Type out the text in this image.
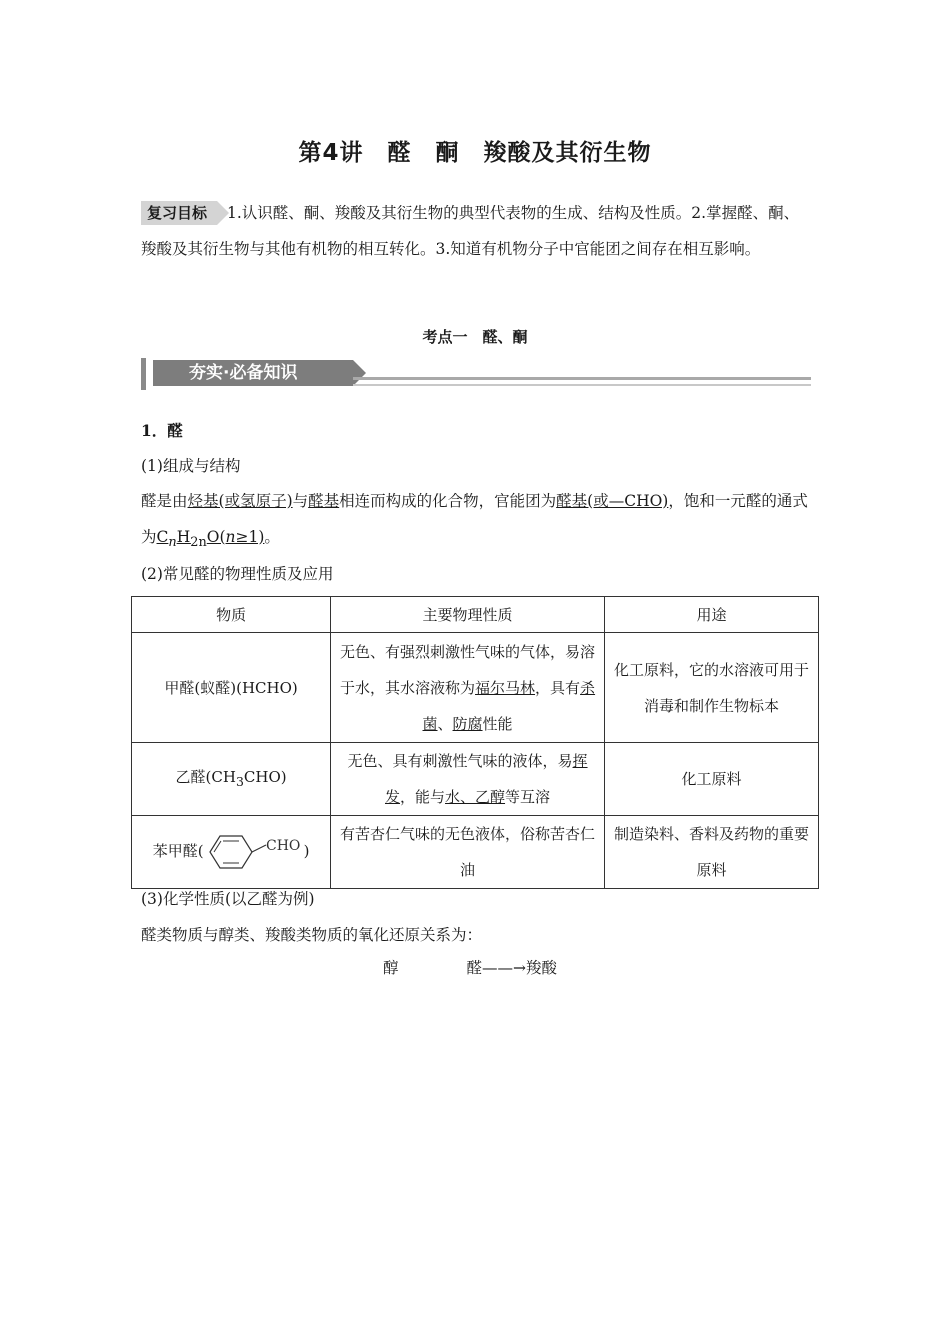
第4讲　醛　酮　羧酸及其衍生物
复习目标 1.认识醛、酮、羧酸及其衍生物的典型代表物的生成、结构及性质。2.掌握醛、酮、羧酸及其衍生物与其他有机物的相互转化。3.知道有机物分子中官能团之间存在相互影响。
考点一　醛、酮
夯实·必备知识
1．醛
(1)组成与结构
醛是由烃基(或氢原子)与醛基相连而构成的化合物，官能团为醛基(或—CHO)，饱和一元醛的通式为$C_nH_{2n}O(n\ge 1)$。
(2)常见醛的物理性质及应用
物质	主要物理性质	用途
甲醛(蚁醛)(HCHO)	无色、有强烈刺激性气味的气体，易溶于水，其水溶液称为福尔马林，具有杀菌、防腐性能	化工原料，它的水溶液可用于消毒和制作生物标本
乙醛$(CH_3CHO)$	无色、具有刺激性气味的液体，易挥发，能与水、乙醇等互溶	化工原料
苯甲醛( CHO )	有苦杏仁气味的无色液体，俗称苦杏仁油	制造染料、香料及药物的重要原料
(3)化学性质(以乙醛为例)
醛类物质与醇类、羧酸类物质的氧化还原关系为：
醇	醛——→羧酸
